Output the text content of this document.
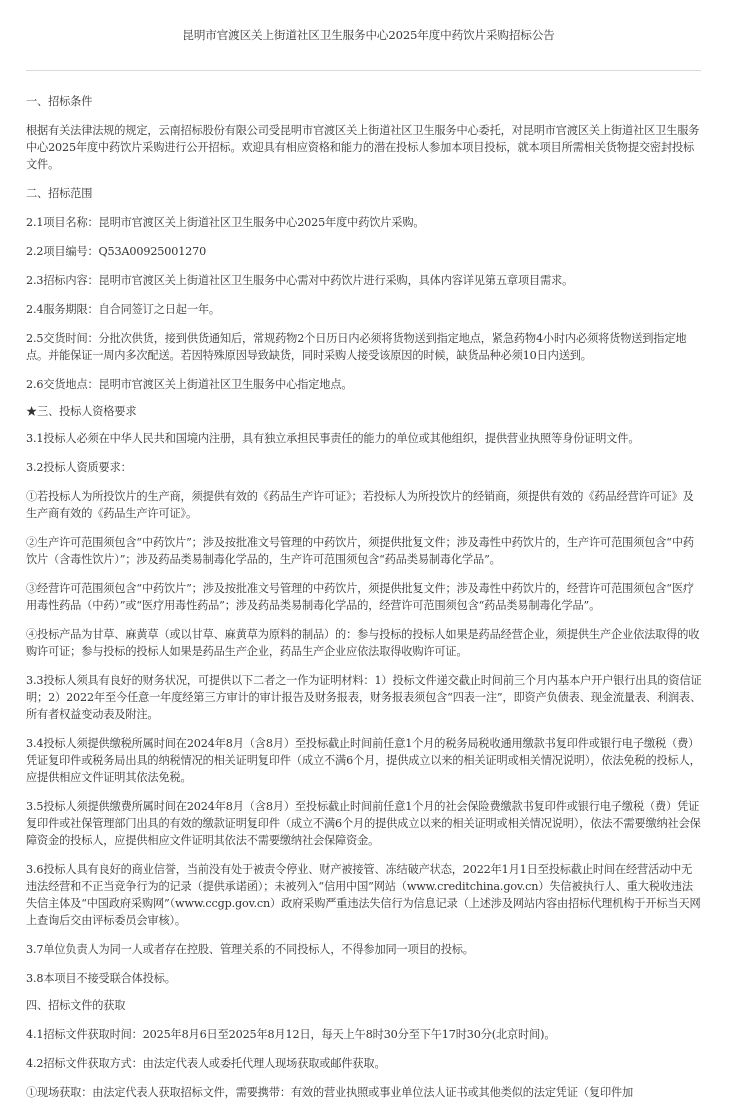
昆明市官渡区关上街道社区卫生服务中心2025年度中药饮片采购招标公告
一、招标条件
根据有关法律法规的规定，云南招标股份有限公司受昆明市官渡区关上街道社区卫生服务中心委托，对昆明市官渡区关上街道社区卫生服务中心2025年度中药饮片采购进行公开招标。欢迎具有相应资格和能力的潜在投标人参加本项目投标，就本项目所需相关货物提交密封投标文件。
二、招标范围
2.1项目名称：昆明市官渡区关上街道社区卫生服务中心2025年度中药饮片采购。
2.2项目编号：Q53A00925001270
2.3招标内容：昆明市官渡区关上街道社区卫生服务中心需对中药饮片进行采购，具体内容详见第五章项目需求。
2.4服务期限：自合同签订之日起一年。
2.5交货时间：分批次供货，接到供货通知后，常规药物2个日历日内必须将货物送到指定地点，紧急药物4小时内必须将货物送到指定地点。并能保证一周内多次配送。若因特殊原因导致缺货，同时采购人接受该原因的时候，缺货品种必须10日内送到。
2.6交货地点：昆明市官渡区关上街道社区卫生服务中心指定地点。
★三、投标人资格要求
3.1投标人必须在中华人民共和国境内注册，具有独立承担民事责任的能力的单位或其他组织，提供营业执照等身份证明文件。
3.2投标人资质要求：
①若投标人为所投饮片的生产商，须提供有效的《药品生产许可证》；若投标人为所投饮片的经销商，须提供有效的《药品经营许可证》及生产商有效的《药品生产许可证》。
②生产许可范围须包含“中药饮片”；涉及按批准文号管理的中药饮片，须提供批复文件；涉及毒性中药饮片的，生产许可范围须包含“中药饮片（含毒性饮片）”；涉及药品类易制毒化学品的，生产许可范围须包含“药品类易制毒化学品”。
③经营许可范围须包含“中药饮片”；涉及按批准文号管理的中药饮片，须提供批复文件；涉及毒性中药饮片的，经营许可范围须包含“医疗用毒性药品（中药）”或“医疗用毒性药品”；涉及药品类易制毒化学品的，经营许可范围须包含“药品类易制毒化学品”。
④投标产品为甘草、麻黄草（或以甘草、麻黄草为原料的制品）的：参与投标的投标人如果是药品经营企业，须提供生产企业依法取得的收购许可证；参与投标的投标人如果是药品生产企业，药品生产企业应依法取得收购许可证。
3.3投标人须具有良好的财务状况，可提供以下二者之一作为证明材料：1）投标文件递交截止时间前三个月内基本户开户银行出具的资信证明；2）2022年至今任意一年度经第三方审计的审计报告及财务报表，财务报表须包含“四表一注”，即资产负债表、现金流量表、利润表、所有者权益变动表及附注。
3.4投标人须提供缴税所属时间在2024年8月（含8月）至投标截止时间前任意1个月的税务局税收通用缴款书复印件或银行电子缴税（费）凭证复印件或税务局出具的纳税情况的相关证明复印件（成立不满6个月，提供成立以来的相关证明或相关情况说明），依法免税的投标人，应提供相应文件证明其依法免税。
3.5投标人须提供缴费所属时间在2024年8月（含8月）至投标截止时间前任意1个月的社会保险费缴款书复印件或银行电子缴税（费）凭证复印件或社保管理部门出具的有效的缴款证明复印件（成立不满6个月的提供成立以来的相关证明或相关情况说明），依法不需要缴纳社会保障资金的投标人，应提供相应文件证明其依法不需要缴纳社会保障资金。
3.6投标人具有良好的商业信誉，当前没有处于被责令停业、财产被接管、冻结破产状态，2022年1月1日至投标截止时间在经营活动中无违法经营和不正当竞争行为的记录（提供承诺函）；未被列入“信用中国”网站（www.creditchina.gov.cn）失信被执行人、重大税收违法失信主体及“中国政府采购网”（www.ccgp.gov.cn）政府采购严重违法失信行为信息记录（上述涉及网站内容由招标代理机构于开标当天网上查询后交由评标委员会审核）。
3.7单位负责人为同一人或者存在控股、管理关系的不同投标人，不得参加同一项目的投标。
3.8本项目不接受联合体投标。
四、招标文件的获取
4.1招标文件获取时间：2025年8月6日至2025年8月12日，每天上午8时30分至下午17时30分(北京时间)。
4.2招标文件获取方式：由法定代表人或委托代理人现场获取或邮件获取。
①现场获取：由法定代表人获取招标文件，需要携带：有效的营业执照或事业单位法人证书或其他类似的法定凭证（复印件加
